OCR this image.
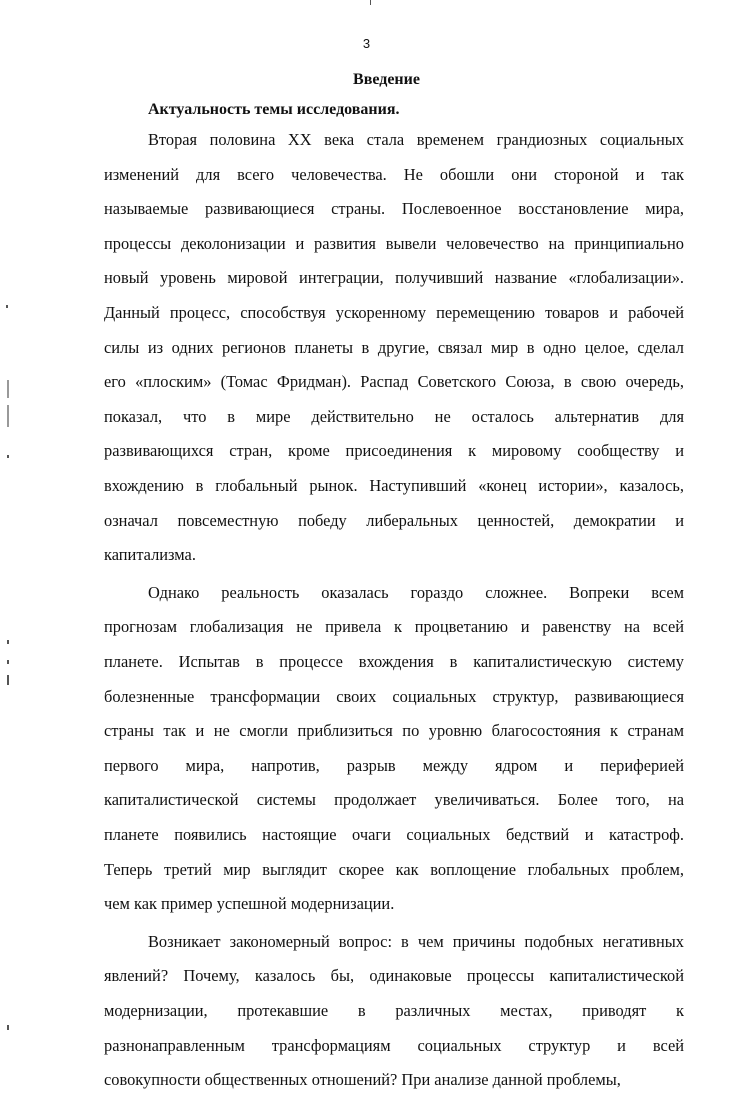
3
Введение
Актуальность темы исследования.
Вторая половина XX века стала временем грандиозных социальных
изменений для всего человечества. Не обошли они стороной и так
называемые развивающиеся страны. Послевоенное восстановление мира,
процессы деколонизации и развития вывели человечество на принципиально
новый уровень мировой интеграции, получивший название «глобализации».
Данный процесс, способствуя ускоренному перемещению товаров и рабочей
силы из одних регионов планеты в другие, связал мир в одно целое, сделал
его «плоским» (Томас Фридман). Распад Советского Союза, в свою очередь,
показал, что в мире действительно не осталось альтернатив для
развивающихся стран, кроме присоединения к мировому сообществу и
вхождению в глобальный рынок. Наступивший «конец истории», казалось,
означал повсеместную победу либеральных ценностей, демократии и
капитализма.
Однако реальность оказалась гораздо сложнее. Вопреки всем
прогнозам глобализация не привела к процветанию и равенству на всей
планете. Испытав в процессе вхождения в капиталистическую систему
болезненные трансформации своих социальных структур, развивающиеся
страны так и не смогли приблизиться по уровню благосостояния к странам
первого мира, напротив, разрыв между ядром и периферией
капиталистической системы продолжает увеличиваться. Более того, на
планете появились настоящие очаги социальных бедствий и катастроф.
Теперь третий мир выглядит скорее как воплощение глобальных проблем,
чем как пример успешной модернизации.
Возникает закономерный вопрос: в чем причины подобных негативных
явлений? Почему, казалось бы, одинаковые процессы капиталистической
модернизации, протекавшие в различных местах, приводят к
разнонаправленным трансформациям социальных структур и всей
совокупности общественных отношений? При анализе данной проблемы,
